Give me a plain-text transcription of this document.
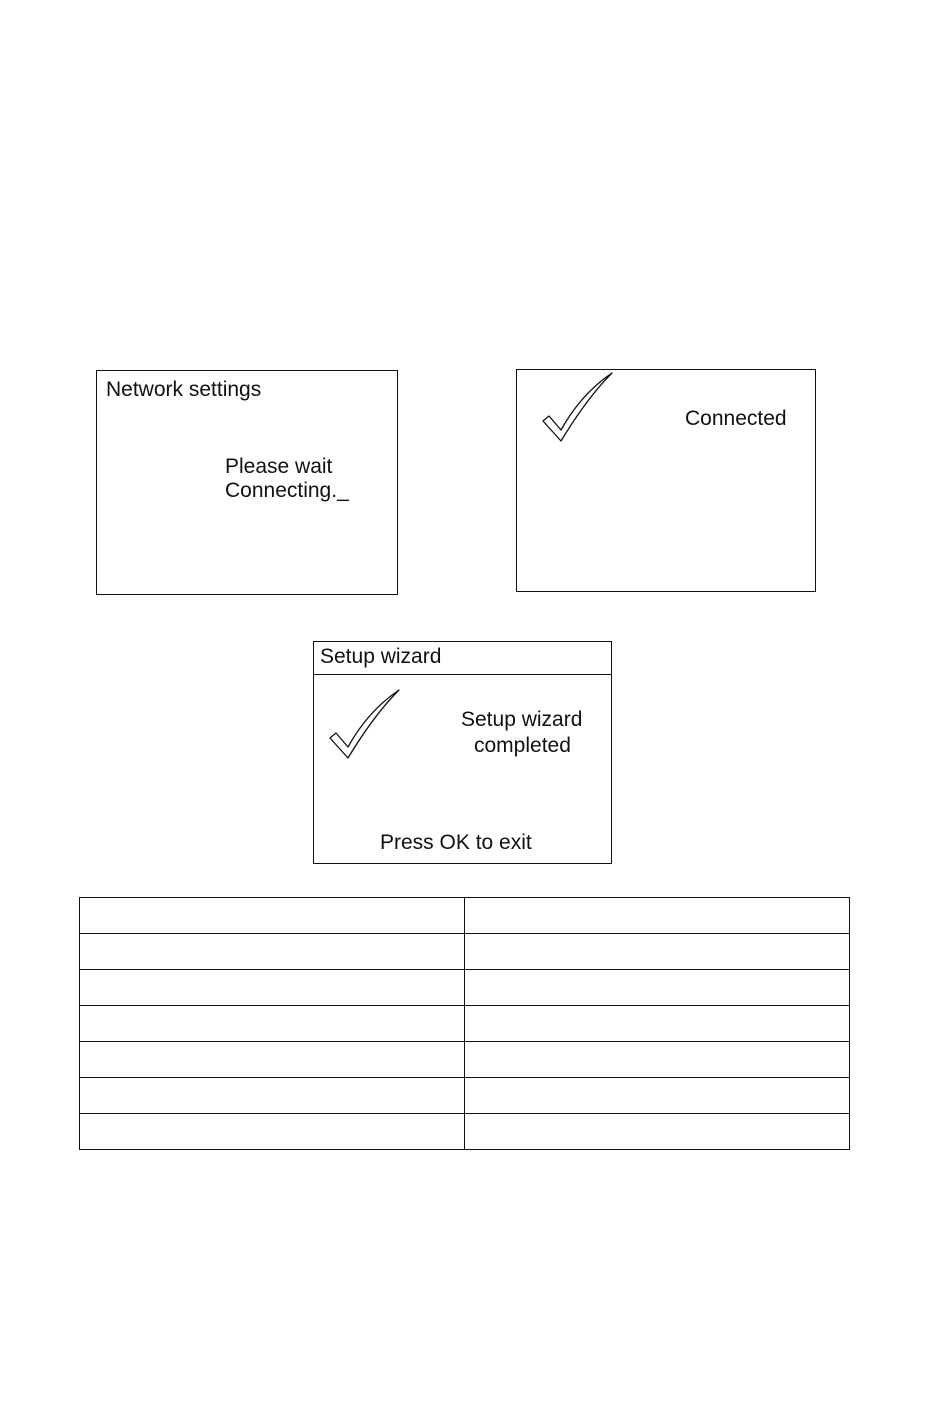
Network settings
Please wait
Connecting._
Connected
Setup wizard
Setup wizard
completed
Press OK to exit
